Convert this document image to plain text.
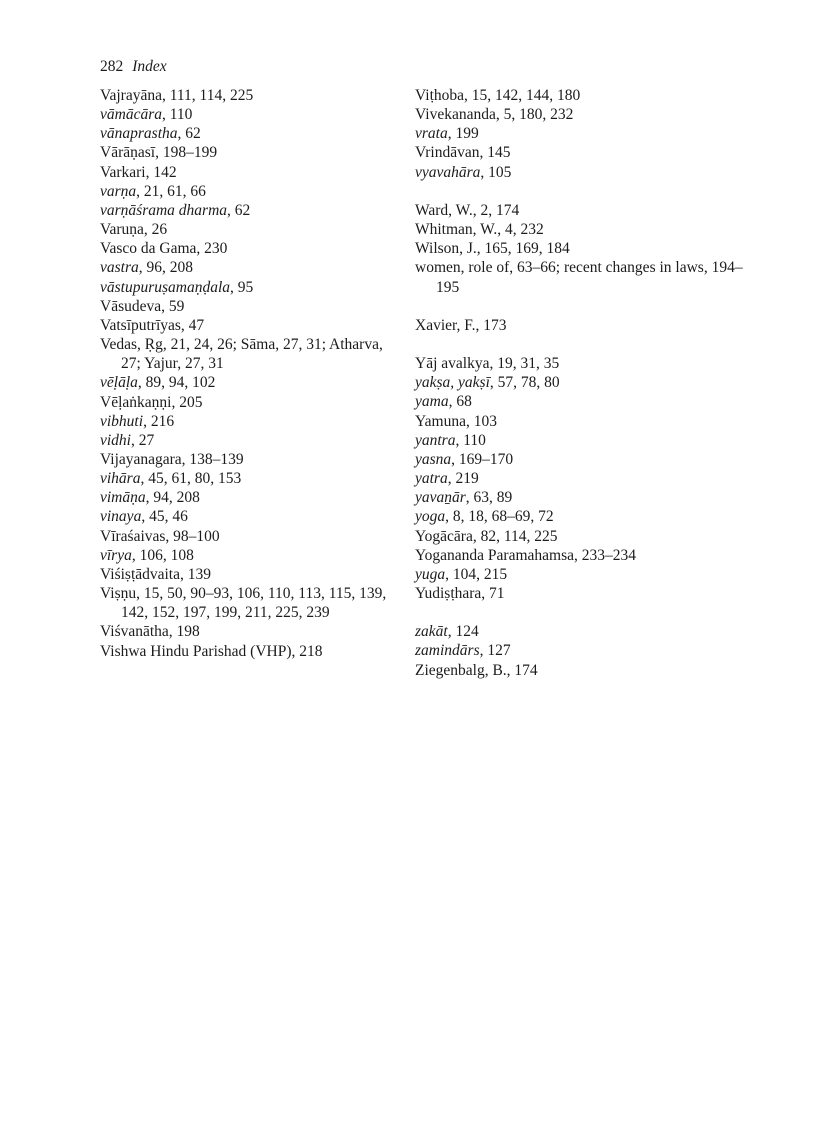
282 Index
Vajrayāna, 111, 114, 225
vāmācāra, 110
vānaprastha, 62
Vārāṇasī, 198–199
Varkari, 142
varṇa, 21, 61, 66
varṇāśrama dharma, 62
Varuṇa, 26
Vasco da Gama, 230
vastra, 96, 208
vāstupuruṣamaṇḍala, 95
Vāsudeva, 59
Vatsīputrīyas, 47
Vedas, Ṛg, 21, 24, 26; Sāma, 27, 31; Atharva, 27; Yajur, 27, 31
vēḷāḷa, 89, 94, 102
Vēḷaṅkaṇṇi, 205
vibhuti, 216
vidhi, 27
Vijayanagara, 138–139
vihāra, 45, 61, 80, 153
vimāṇa, 94, 208
vinaya, 45, 46
Vīraśaivas, 98–100
vīrya, 106, 108
Viśiṣṭādvaita, 139
Viṣṇu, 15, 50, 90–93, 106, 110, 113, 115, 139, 142, 152, 197, 199, 211, 225, 239
Viśvanātha, 198
Vishwa Hindu Parishad (VHP), 218
Viṭhoba, 15, 142, 144, 180
Vivekananda, 5, 180, 232
vrata, 199
Vrindāvan, 145
vyavahāra, 105
Ward, W., 2, 174
Whitman, W., 4, 232
Wilson, J., 165, 169, 184
women, role of, 63–66; recent changes in laws, 194–195
Xavier, F., 173
Yāj avalkya, 19, 31, 35
yakṣa, yakṣī, 57, 78, 80
yama, 68
Yamuna, 103
yantra, 110
yasna, 169–170
yatra, 219
yavaṉār, 63, 89
yoga, 8, 18, 68–69, 72
Yogācāra, 82, 114, 225
Yogananda Paramahamsa, 233–234
yuga, 104, 215
Yudiṣṭhara, 71
zakāt, 124
zamindārs, 127
Ziegenbalg, B., 174
